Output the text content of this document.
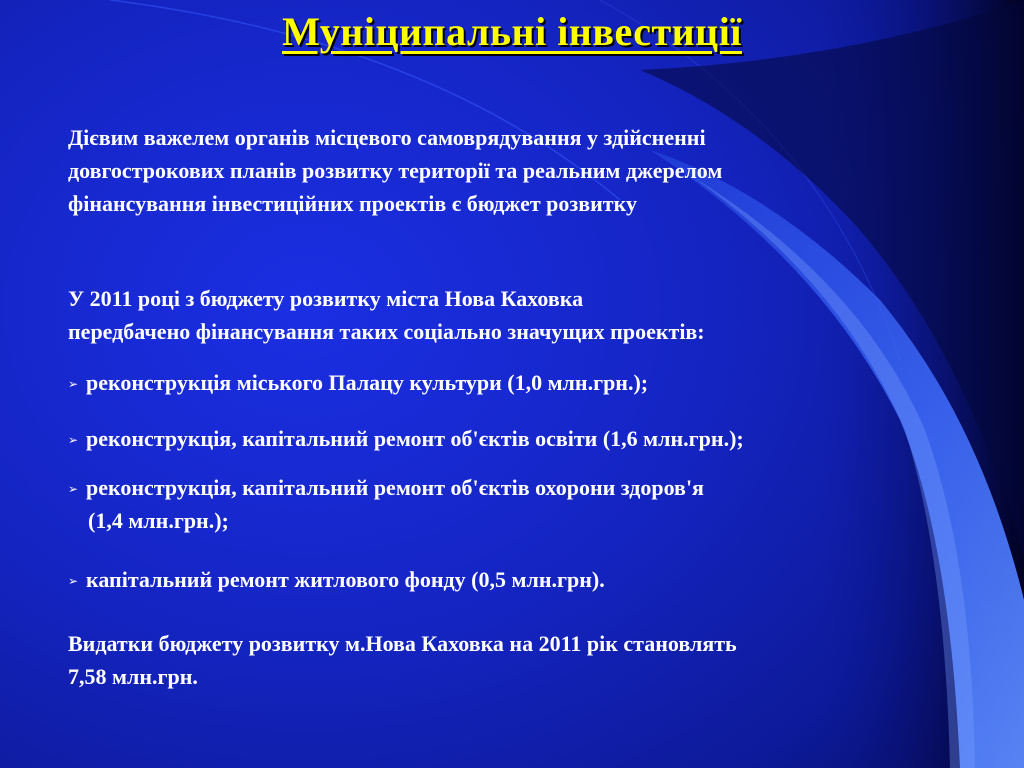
Муніципальні інвестиції
Дієвим важелем органів місцевого самоврядування у здійсненні
довгострокових планів розвитку території та реальним джерелом
фінансування інвестиційних проектів є бюджет розвитку
У 2011 році з бюджету розвитку міста Нова Каховка
передбачено фінансування таких соціально значущих проектів:
➢ реконструкція міського Палацу культури (1,0 млн.грн.);
➢ реконструкція, капітальний ремонт об'єктів освіти (1,6 млн.грн.);
➢ реконструкція, капітальний ремонт об'єктів охорони здоров'я
(1,4 млн.грн.);
➢ капітальний ремонт житлового фонду (0,5 млн.грн).
Видатки бюджету розвитку м.Нова Каховка на 2011 рік становлять
7,58 млн.грн.
